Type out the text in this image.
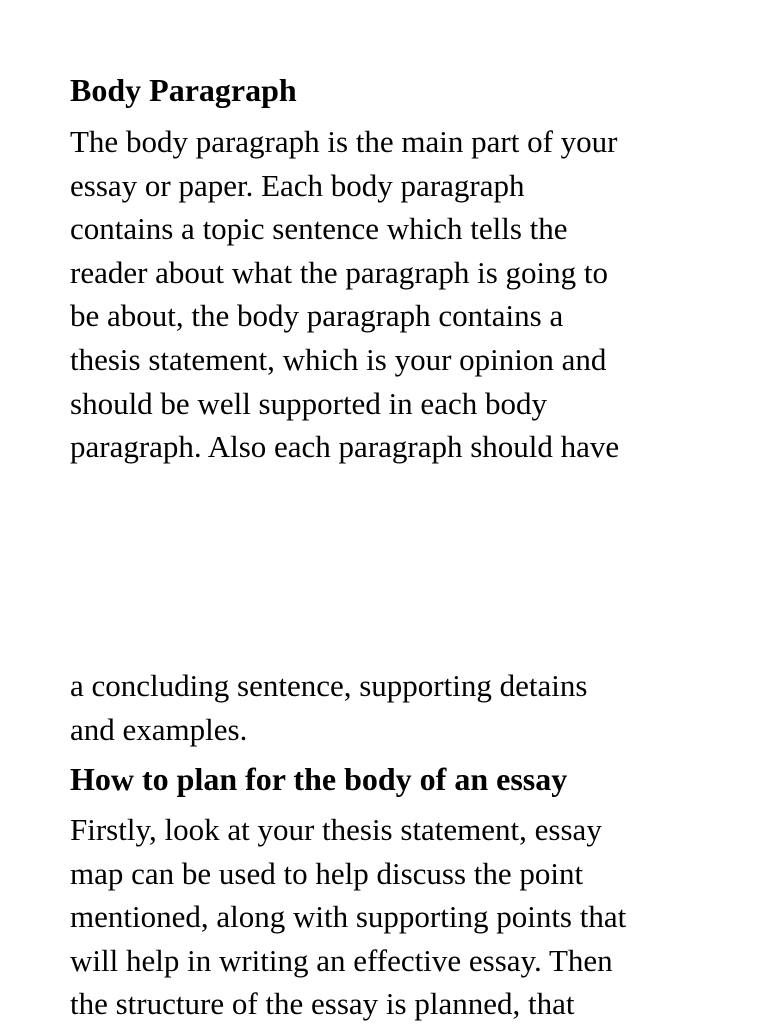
Body Paragraph

The body paragraph is the main part of your
essay or paper. Each body paragraph
contains a topic sentence which tells the
reader about what the paragraph is going to
be about, the body paragraph contains a
thesis statement, which is your opinion and
should be well supported in each body
paragraph. Also each paragraph should have

a concluding sentence, supporting detains
and examples.

How to plan for the body of an essay

Firstly, look at your thesis statement, essay
map can be used to help discuss the point
mentioned, along with supporting points that
will help in writing an effective essay. Then
the structure of the essay is planned, that
